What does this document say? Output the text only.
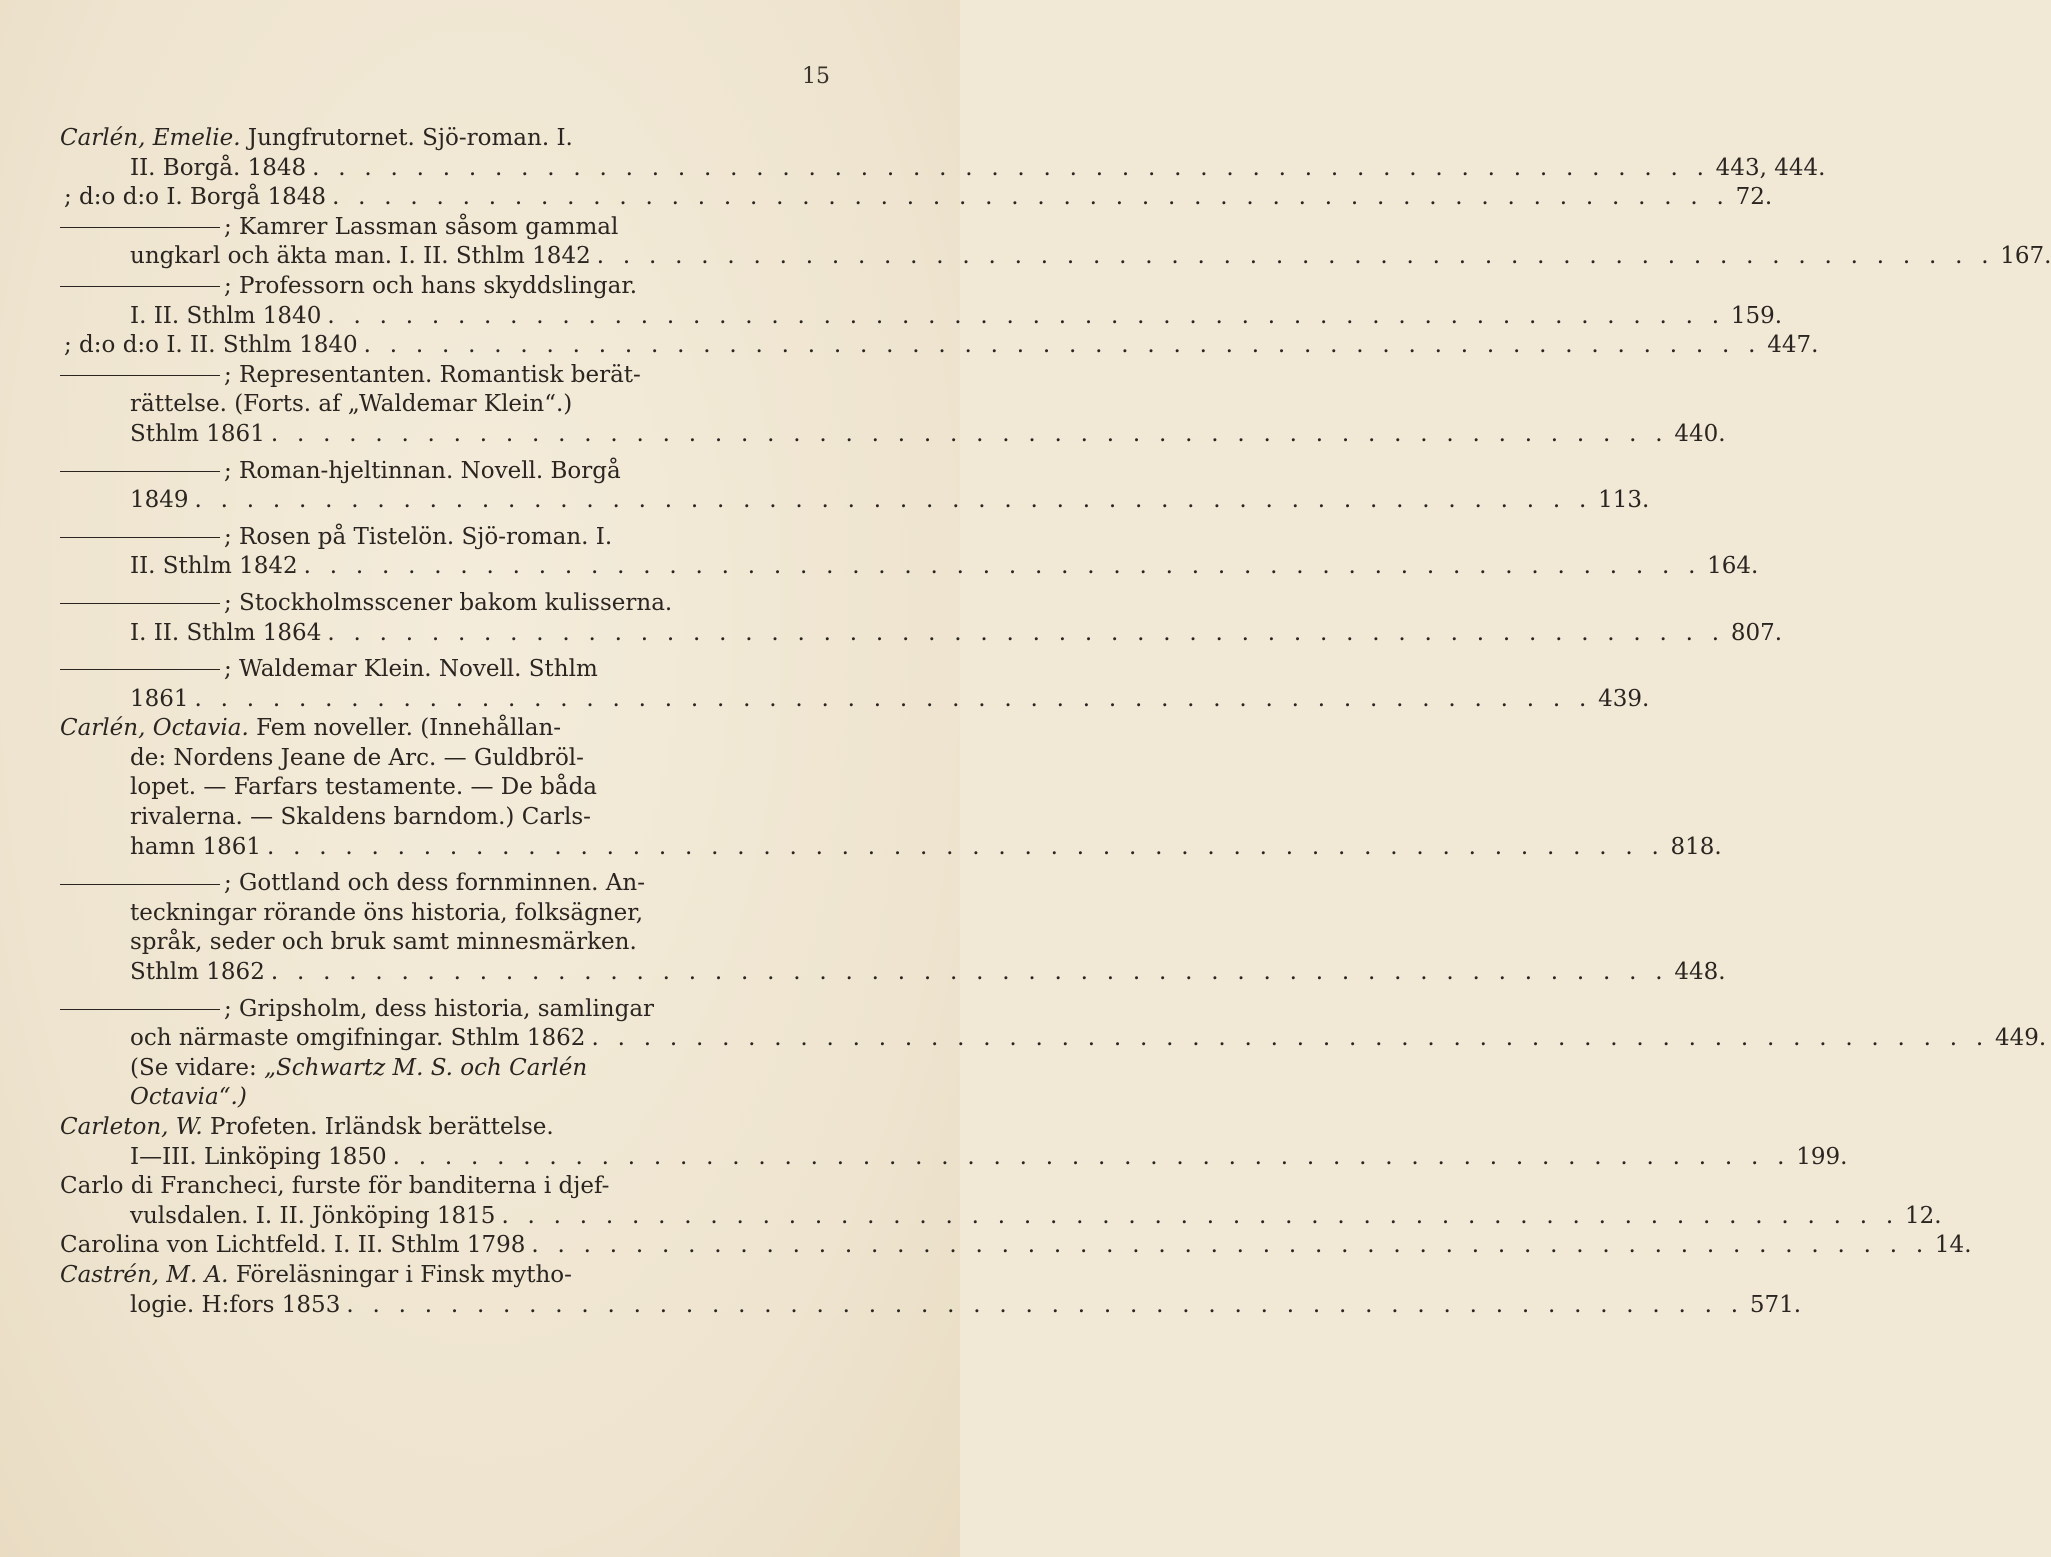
15
Carlén, Emelie.
Jungfrutornet. Sjö-roman. I.
II. Borgå. 1848 . . .	443, 444.
; d:o d:o I. Borgå 1848 . . .	72.
; Kamrer Lassman såsom gammal
ungkarl och äkta man. I. II. Sthlm 1842 . . .	167.
; Professorn och hans skyddslingar.
I. II. Sthlm 1840 . . .	159.
; d:o d:o I. II. Sthlm 1840 . . .	447.
; Representanten. Romantisk berät-
rättelse. (Forts. af „Waldemar Klein“.)
Sthlm 1861 . . .	440.
; Roman-hjeltinnan. Novell. Borgå
1849 . . .	113.
; Rosen på Tistelön. Sjö-roman. I.
II. Sthlm 1842 . . .	164.
; Stockholmsscener bakom kulisserna.
I. II. Sthlm 1864 . . .	807.
; Waldemar Klein. Novell. Sthlm
1861 . . .	439.
Carlén, Octavia.
Fem noveller. (Innehållan-
de: Nordens Jeane de Arc. — Guldbröl-
lopet. — Farfars testamente. — De båda
rivalerna. — Skaldens barndom.) Carls-
hamn 1861 . . .	818.
; Gottland och dess fornminnen. An-
teckningar rörande öns historia, folksägner,
språk, seder och bruk samt minnesmärken.
Sthlm 1862 . . .	448.
; Gripsholm, dess historia, samlingar
och närmaste omgifningar. Sthlm 1862 . . .	449.
(Se vidare:
„Schwartz M. S. och Carlén
Octavia“.)
Carleton, W.
Profeten. Irländsk berättelse.
I—III. Linköping 1850 . . .	199.
Carlo di Francheci, furste för banditerna i djef-
vulsdalen. I. II. Jönköping 1815 . . .	12.
Carolina von Lichtfeld. I. II. Sthlm 1798 . . .	14.
Castrén, M. A.
Föreläsningar i Finsk mytho-
logie. H:fors 1853 . . .	571.
